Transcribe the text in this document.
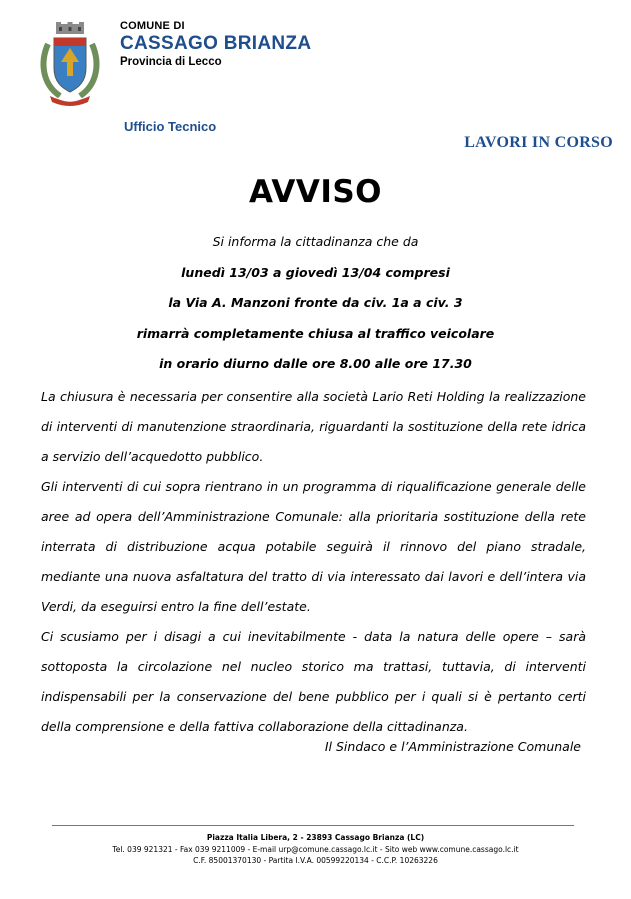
COMUNE DI
CASSAGO BRIANZA
Provincia di Lecco
Ufficio Tecnico
LAVORI IN CORSO
AVVISO
Si informa la cittadinanza che da
lunedì 13/03 a giovedì 13/04 compresi
la Via A. Manzoni fronte da civ. 1a a civ. 3
rimarrà completamente chiusa al traffico veicolare
in orario diurno dalle ore 8.00 alle ore 17.30

La chiusura è necessaria per consentire alla società Lario Reti Holding la realizzazione di interventi di manutenzione straordinaria, riguardanti la sostituzione della rete idrica a servizio dell’acquedotto pubblico.

Gli interventi di cui sopra rientrano in un programma di riqualificazione generale delle aree ad opera dell’Amministrazione Comunale: alla prioritaria sostituzione della rete interrata di distribuzione acqua potabile seguirà il rinnovo del piano stradale, mediante una nuova asfaltatura del tratto di via interessato dai lavori e dell’intera via Verdi, da eseguirsi entro la fine dell’estate.

Ci scusiamo per i disagi a cui inevitabilmente - data la natura delle opere – sarà sottoposta la circolazione nel nucleo storico ma trattasi, tuttavia, di interventi indispensabili per la conservazione del bene pubblico per i quali si è pertanto certi della comprensione e della fattiva collaborazione della cittadinanza.

Il Sindaco e l’Amministrazione Comunale
Piazza Italia Libera, 2 - 23893 Cassago Brianza (LC)
Tel. 039 921321 - Fax 039 9211009 - E-mail urp@comune.cassago.lc.it - Sito web www.comune.cassago.lc.it
C.F. 85001370130 - Partita I.V.A. 00599220134 - C.C.P. 10263226
